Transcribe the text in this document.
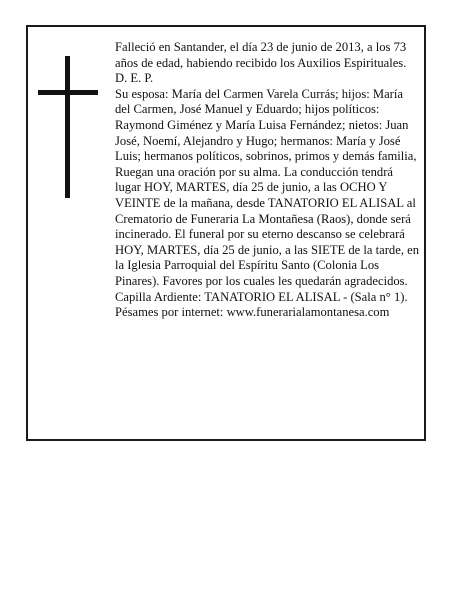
Falleció en Santander, el día 23 de junio de 2013, a los 73 años de edad, habiendo recibido los Auxilios Espirituales.

D. E. P.

Su esposa: María del Carmen Varela Currás; hijos: María del Carmen, José Manuel y Eduardo; hijos políticos: Raymond Giménez y María Luisa Fernández; nietos: Juan José, Noemí, Alejandro y Hugo; hermanos: María y José Luis; hermanos políticos, sobrinos, primos y demás familia,

Ruegan una oración por su alma. La conducción tendrá lugar HOY, MARTES, día 25 de junio, a las OCHO Y VEINTE de la mañana, desde TANATORIO EL ALISAL al Crematorio de Funeraria La Montañesa (Raos), donde será incinerado. El funeral por su eterno descanso se celebrará HOY, MARTES, día 25 de junio, a las SIETE de la tarde, en la Iglesia Parroquial del Espíritu Santo (Colonia Los Pinares). Favores por los cuales les quedarán agradecidos. Capilla Ardiente: TANATORIO EL ALISAL - (Sala n° 1).

Pésames por internet: www.funerarialamontanesa.com
